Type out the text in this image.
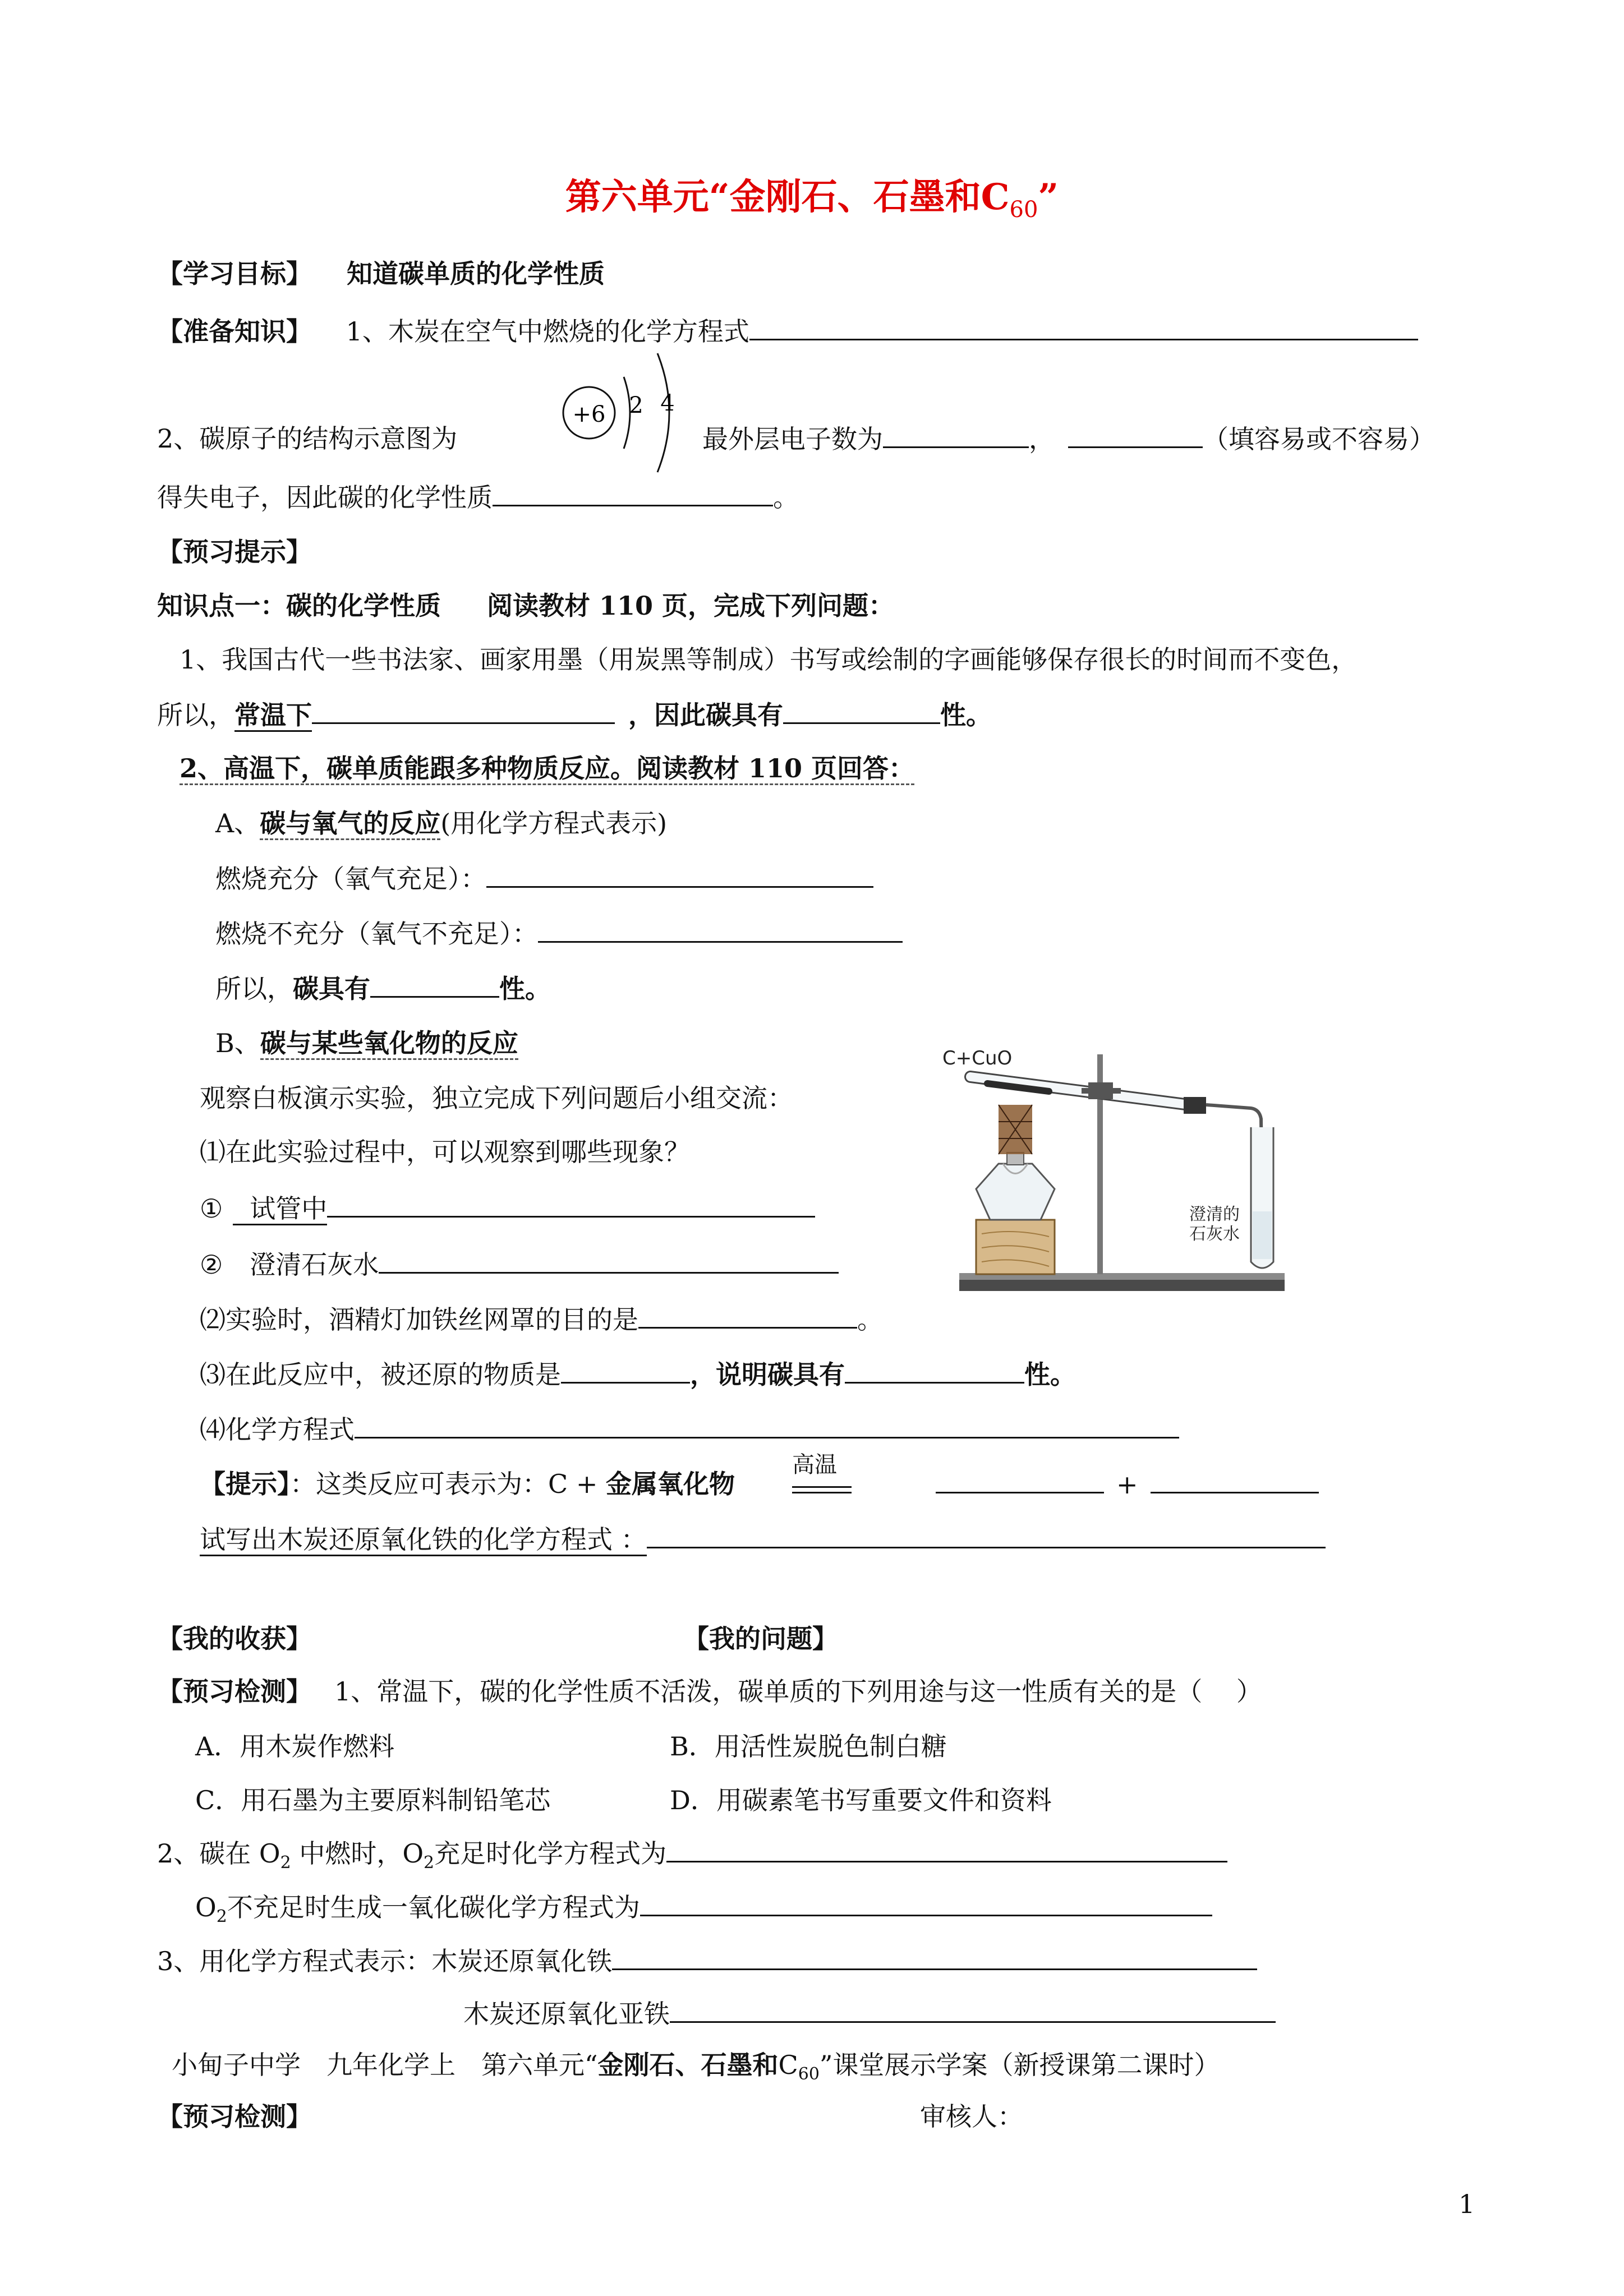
第六单元“金刚石、石墨和$C_{60}$”
【学习目标】 知道碳单质的化学性质
【准备知识】 1、木炭在空气中燃烧的化学方程式
2、碳原子的结构示意图为
+6 2 4
最外层电子数为	，	（填容易或不容易）
得失电子，因此碳的化学性质	。
【预习提示】
知识点一：碳的化学性质 阅读教材 110 页，完成下列问题：
1、我国古代一些书法家、画家用墨（用炭黑等制成）书写或绘制的字画能够保存很长的时间而不变色，
所以，常温下	，因此碳具有	性。
2、高温下，碳单质能跟多种物质反应。阅读教材 110 页回答：
A、碳与氧气的反应(用化学方程式表示)
燃烧充分（氧气充足）：
燃烧不充分（氧气不充足）：
所以，碳具有	性。
B、碳与某些氧化物的反应
观察白板演示实验，独立完成下列问题后小组交流：
⑴在此实验过程中，可以观察到哪些现象？
① 试管中
② 澄清石灰水
⑵实验时，酒精灯加铁丝网罩的目的是	。
⑶在此反应中，被还原的物质是	，说明碳具有	性。
⑷化学方程式
【提示】：这类反应可表示为：C + 金属氧化物
高温
+
试写出木炭还原氧化铁的化学方程式 ：
C+CuO
澄清的
石灰水
【我的收获】	【我的问题】
【预习检测】 1、常温下，碳的化学性质不活泼，碳单质的下列用途与这一性质有关的是（　 ）
A．用木炭作燃料	B．用活性炭脱色制白糖
C．用石墨为主要原料制铅笔芯	D．用碳素笔书写重要文件和资料
2、碳在 $O_2$ 中燃时，$O_2$充足时化学方程式为
$O_2$不充足时生成一氧化碳化学方程式为
3、用化学方程式表示：木炭还原氧化铁
木炭还原氧化亚铁
小甸子中学　九年化学上　第六单元“金刚石、石墨和$C_{60}$”课堂展示学案（新授课第二课时）
【预习检测】	审核人：
1
